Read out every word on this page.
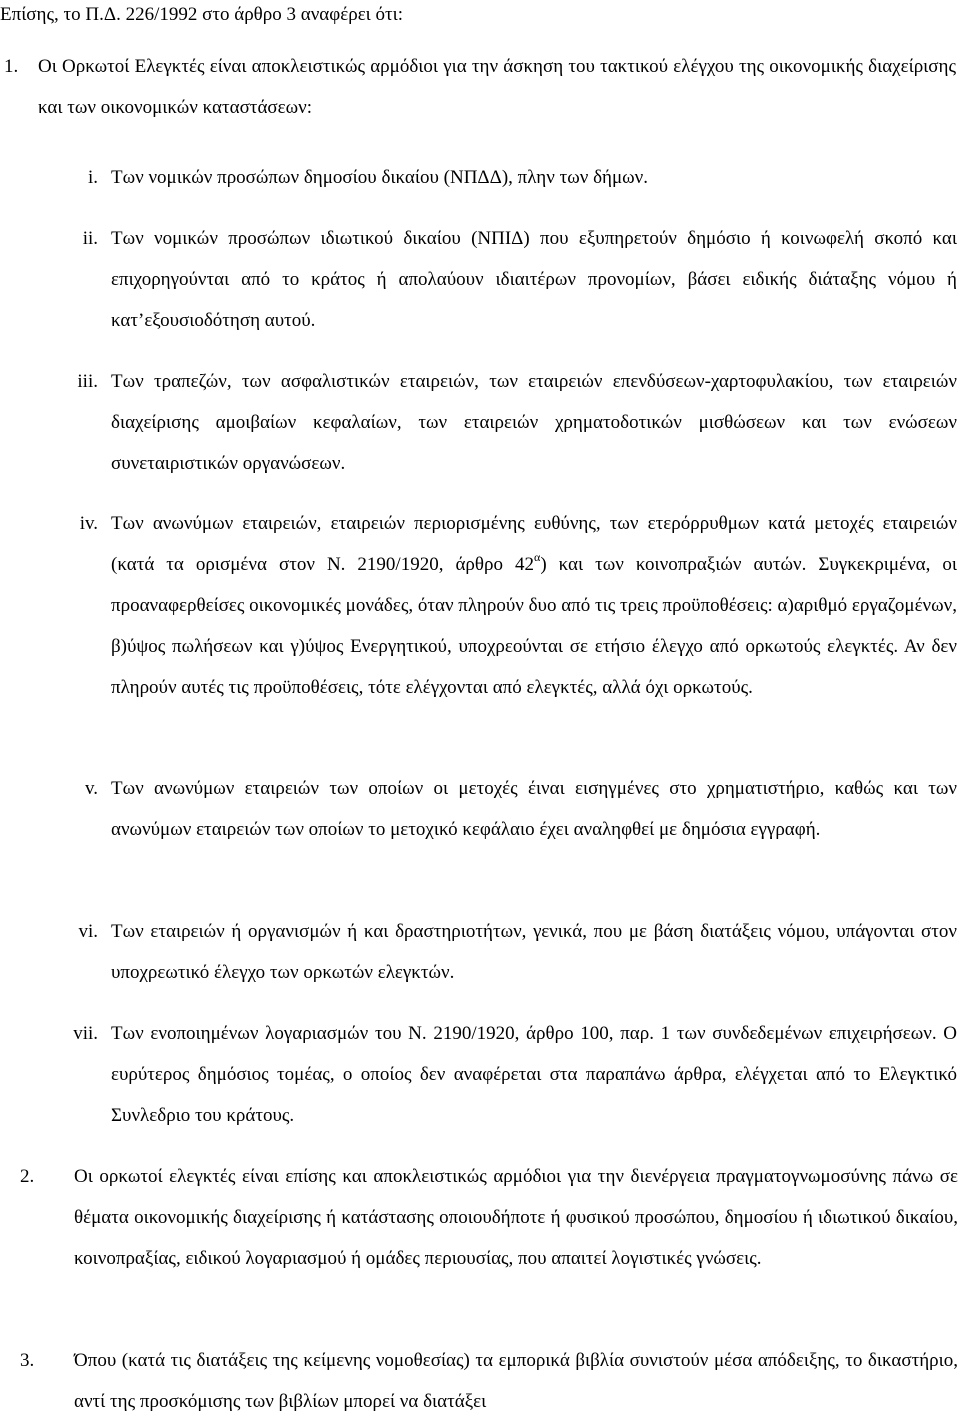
Επίσης, το Π.Δ. 226/1992 στο άρθρο 3 αναφέρει ότι:
1. Οι Ορκωτοί Ελεγκτές είναι αποκλειστικώς αρμόδιοι για την άσκηση του τακτικού ελέγχου της οικονομικής διαχείρισης και των οικονομικών καταστάσεων:
i. Των νομικών προσώπων δημοσίου δικαίου (ΝΠΔΔ), πλην των δήμων.
ii. Των νομικών προσώπων ιδιωτικού δικαίου (ΝΠΙΔ) που εξυπηρετούν δημόσιο ή κοινωφελή σκοπό και επιχορηγούνται από το κράτος ή απολαύουν ιδιαιτέρων προνομίων, βάσει ειδικής διάταξης νόμου ή κατ’εξουσιοδότηση αυτού.
iii. Των τραπεζών, των ασφαλιστικών εταιρειών, των εταιρειών επενδύσεων-χαρτοφυλακίου, των εταιρειών διαχείρισης αμοιβαίων κεφαλαίων, των εταιρειών χρηματοδοτικών μισθώσεων και των ενώσεων συνεταιριστικών οργανώσεων.
iv. Των ανωνύμων εταιρειών, εταιρειών περιορισμένης ευθύνης, των ετερόρρυθμων κατά μετοχές εταιρειών (κατά τα ορισμένα στον Ν. 2190/1920, άρθρο $42^\alpha$) και των κοινοπραξιών αυτών. Συγκεκριμένα, οι προαναφερθείσες οικονομικές μονάδες, όταν πληρούν δυο από τις τρεις προϋποθέσεις: α)αριθμό εργαζομένων, β)ύψος πωλήσεων και γ)ύψος Ενεργητικού, υποχρεούνται σε ετήσιο έλεγχο από ορκωτούς ελεγκτές. Αν δεν πληρούν αυτές τις προϋποθέσεις, τότε ελέγχονται από ελεγκτές, αλλά όχι ορκωτούς.
v. Των ανωνύμων εταιρειών των οποίων οι μετοχές έιναι εισηγμένες στο χρηματιστήριο, καθώς και των ανωνύμων εταιρειών των οποίων το μετοχικό κεφάλαιο έχει αναληφθεί με δημόσια εγγραφή.
vi. Των εταιρειών ή οργανισμών ή και δραστηριοτήτων, γενικά, που με βάση διατάξεις νόμου, υπάγονται στον υποχρεωτικό έλεγχο των ορκωτών ελεγκτών.
vii. Των ενοποιημένων λογαριασμών του Ν. 2190/1920, άρθρο 100, παρ. 1 των συνδεδεμένων επιχειρήσεων. Ο ευρύτερος δημόσιος τομέας, ο οποίος δεν αναφέρεται στα παραπάνω άρθρα, ελέγχεται από το Ελεγκτικό Συνλεδριο του κράτους.
2. Οι ορκωτοί ελεγκτές είναι επίσης και αποκλειστικώς αρμόδιοι για την διενέργεια πραγματογνωμοσύνης πάνω σε θέματα οικονομικής διαχείρισης ή κατάστασης οποιουδήποτε ή φυσικού προσώπου, δημοσίου ή ιδιωτικού δικαίου, κοινοπραξίας, ειδικού λογαριασμού ή ομάδες περιουσίας, που απαιτεί λογιστικές γνώσεις.
3. Όπου (κατά τις διατάξεις της κείμενης νομοθεσίας) τα εμπορικά βιβλία συνιστούν μέσα απόδειξης, το δικαστήριο, αντί της προσκόμισης των βιβλίων μπορεί να διατάξει
